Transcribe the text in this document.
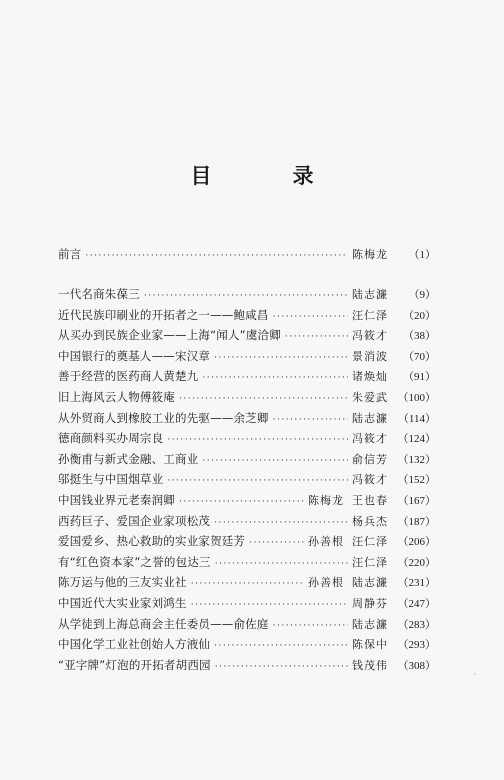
目　录
前言 ·····	陈梅龙	（1）
一代名商朱葆三 ·····	陆志濂	（9）
近代民族印刷业的开拓者之一——鲍咸昌 ·····	汪仁泽	（20）
从买办到民族企业家——上海“闻人”虞洽卿 ·····	冯筱才	（38）
中国银行的奠基人——宋汉章 ·····	景消波	（70）
善于经营的医药商人黄楚九 ·····	诸焕灿	（91）
旧上海风云人物傅筱庵 ·····	朱爱武 （100）
从外贸商人到橡胶工业的先驱——余芝卿 ·····	陆志濂 （114）
德商颜料买办周宗良 ·····	冯筱才 （124）
孙衡甫与新式金融、工商业 ·····	俞信芳 （132）
邬挺生与中国烟草业 ·····	冯筱才 （152）
中国钱业界元老秦润卿 ·····	陈梅龙 王也春 （167）
西药巨子、爱国企业家项松茂 ·····	杨兵杰 （187）
爱国爱乡、热心救助的实业家贺廷芳 ·····	孙善根 汪仁泽 （206）
有“红色资本家”之誉的包达三 ·····	汪仁泽 （220）
陈万运与他的三友实业社 ·····	孙善根 陆志濂 （231）
中国近代大实业家刘鸿生 ·····	周静芬 （247）
从学徒到上海总商会主任委员——俞佐庭 ·····	陆志濂 （283）
中国化学工业社创始人方液仙 ·····	陈保中 （293）
“亚字牌”灯泡的开拓者胡西园 ·····	钱茂伟 （308）
·
